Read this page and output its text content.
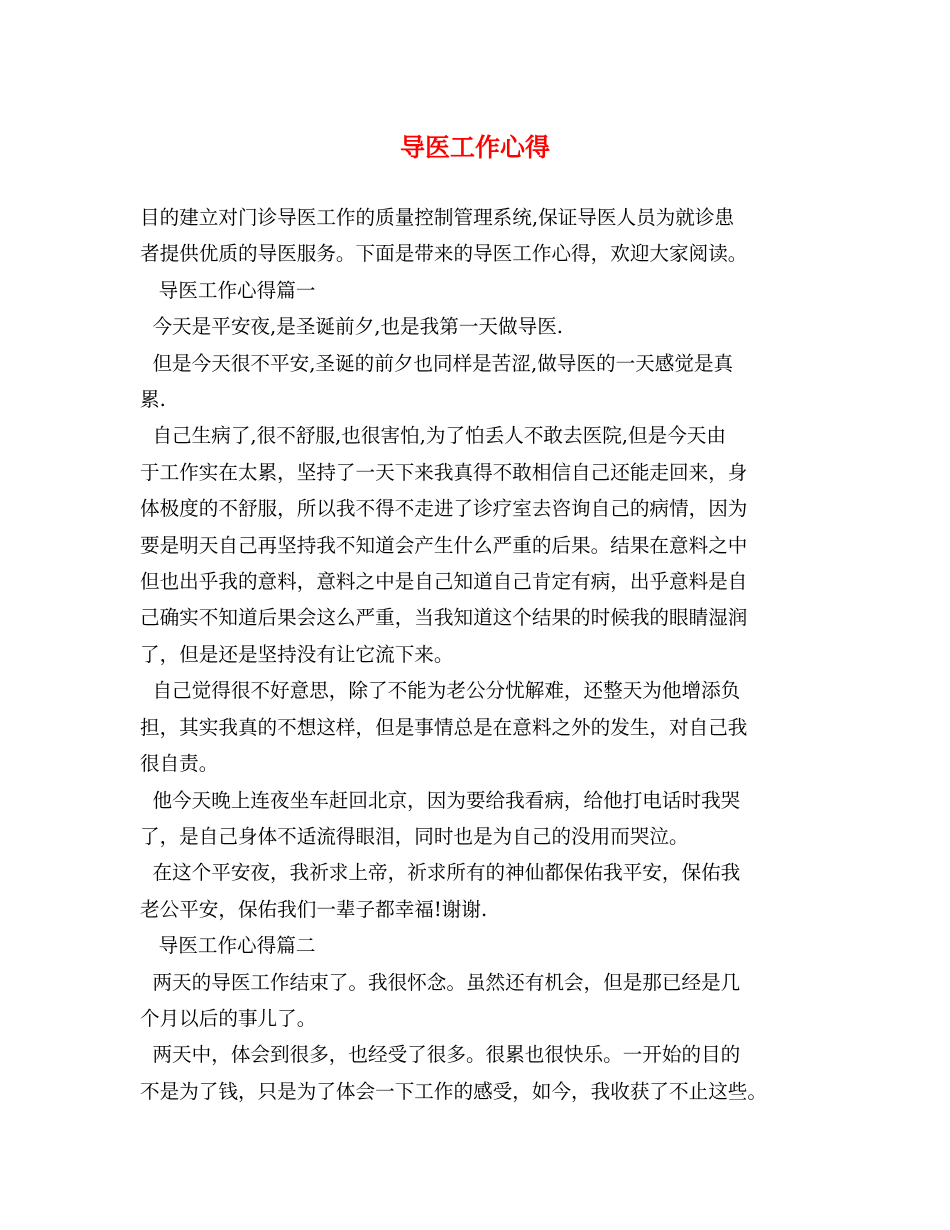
导医工作心得

目的建立对门诊导医工作的质量控制管理系统,保证导医人员为就诊患
者提供优质的导医服务。下面是带来的导医工作心得，欢迎大家阅读。

导医工作心得篇一

今天是平安夜,是圣诞前夕,也是我第一天做导医.

但是今天很不平安,圣诞的前夕也同样是苦涩,做导医的一天感觉是真
累.

自己生病了,很不舒服,也很害怕,为了怕丢人不敢去医院,但是今天由
于工作实在太累，坚持了一天下来我真得不敢相信自己还能走回来，身
体极度的不舒服，所以我不得不走进了诊疗室去咨询自己的病情，因为
要是明天自己再坚持我不知道会产生什么严重的后果。结果在意料之中
但也出乎我的意料，意料之中是自己知道自己肯定有病，出乎意料是自
己确实不知道后果会这么严重，当我知道这个结果的时候我的眼睛湿润
了，但是还是坚持没有让它流下来。

自己觉得很不好意思，除了不能为老公分忧解难，还整天为他增添负
担，其实我真的不想这样，但是事情总是在意料之外的发生，对自己我
很自责。

他今天晚上连夜坐车赶回北京，因为要给我看病，给他打电话时我哭
了，是自己身体不适流得眼泪，同时也是为自己的没用而哭泣。

在这个平安夜，我祈求上帝，祈求所有的神仙都保佑我平安，保佑我
老公平安，保佑我们一辈子都幸福!谢谢.

导医工作心得篇二

两天的导医工作结束了。我很怀念。虽然还有机会，但是那已经是几
个月以后的事儿了。

两天中，体会到很多，也经受了很多。很累也很快乐。一开始的目的
不是为了钱，只是为了体会一下工作的感受，如今，我收获了不止这些。
